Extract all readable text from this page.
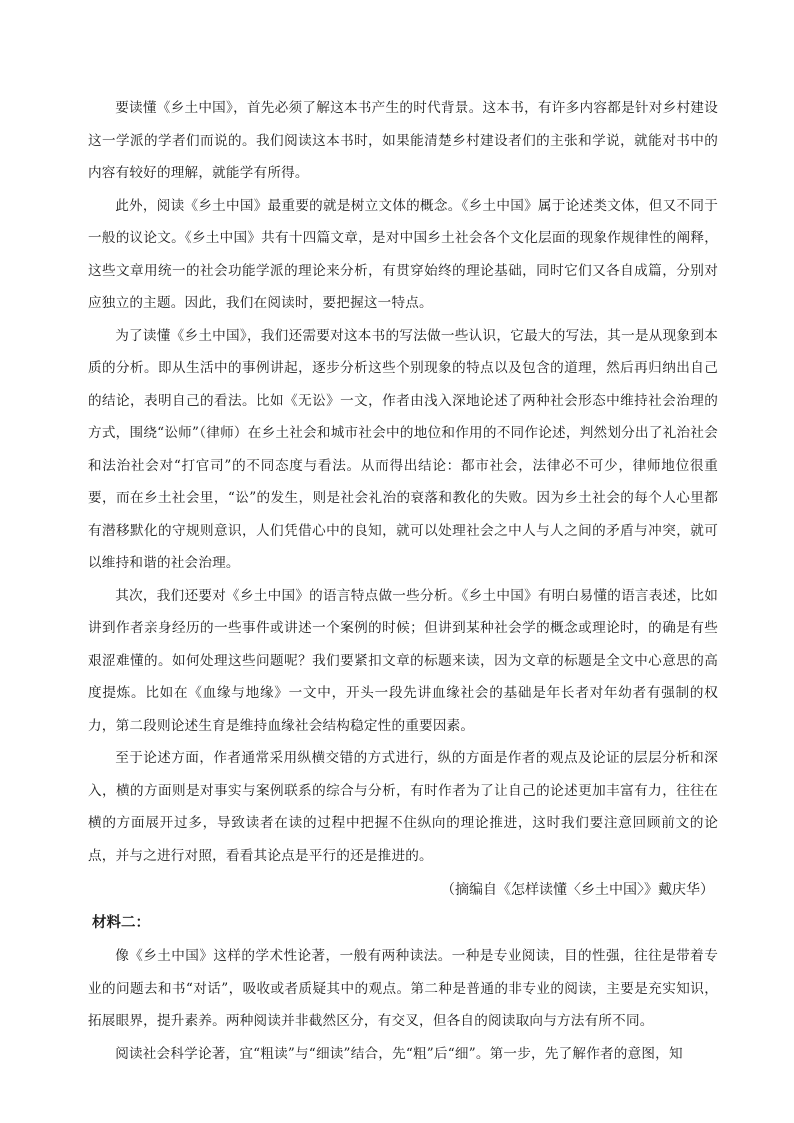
要读懂《乡土中国》，首先必须了解这本书产生的时代背景。这本书，有许多内容都是针对乡村建设这一学派的学者们而说的。我们阅读这本书时，如果能清楚乡村建设者们的主张和学说，就能对书中的内容有较好的理解，就能学有所得。

此外，阅读《乡土中国》最重要的就是树立文体的概念。《乡土中国》属于论述类文体，但又不同于一般的议论文。《乡土中国》共有十四篇文章，是对中国乡土社会各个文化层面的现象作规律性的阐释，这些文章用统一的社会功能学派的理论来分析，有贯穿始终的理论基础，同时它们又各自成篇，分别对应独立的主题。因此，我们在阅读时，要把握这一特点。

为了读懂《乡土中国》，我们还需要对这本书的写法做一些认识，它最大的写法，其一是从现象到本质的分析。即从生活中的事例讲起，逐步分析这些个别现象的特点以及包含的道理，然后再归纳出自己的结论，表明自己的看法。比如《无讼》一文，作者由浅入深地论述了两种社会形态中维持社会治理的方式，围绕“讼师”（律师）在乡土社会和城市社会中的地位和作用的不同作论述，判然划分出了礼治社会和法治社会对“打官司”的不同态度与看法。从而得出结论：都市社会，法律必不可少，律师地位很重要，而在乡土社会里，“讼”的发生，则是社会礼治的衰落和教化的失败。因为乡土社会的每个人心里都有潜移默化的守规则意识，人们凭借心中的良知，就可以处理社会之中人与人之间的矛盾与冲突，就可以维持和谐的社会治理。

其次，我们还要对《乡土中国》的语言特点做一些分析。《乡土中国》有明白易懂的语言表述，比如讲到作者亲身经历的一些事件或讲述一个案例的时候；但讲到某种社会学的概念或理论时，的确是有些艰涩难懂的。如何处理这些问题呢？我们要紧扣文章的标题来读，因为文章的标题是全文中心意思的高度提炼。比如在《血缘与地缘》一文中，开头一段先讲血缘社会的基础是年长者对年幼者有强制的权力，第二段则论述生育是维持血缘社会结构稳定性的重要因素。

至于论述方面，作者通常采用纵横交错的方式进行，纵的方面是作者的观点及论证的层层分析和深入，横的方面则是对事实与案例联系的综合与分析，有时作者为了让自己的论述更加丰富有力，往往在横的方面展开过多，导致读者在读的过程中把握不住纵向的理论推进，这时我们要注意回顾前文的论点，并与之进行对照，看看其论点是平行的还是推进的。

（摘编自《怎样读懂〈乡土中国〉》戴庆华）

材料二：

像《乡土中国》这样的学术性论著，一般有两种读法。一种是专业阅读，目的性强，往往是带着专业的问题去和书“对话”，吸收或者质疑其中的观点。第二种是普通的非专业的阅读，主要是充实知识，拓展眼界，提升素养。两种阅读并非截然区分，有交叉，但各自的阅读取向与方法有所不同。

阅读社会科学论著，宜“粗读”与“细读”结合，先“粗”后“细”。第一步，先了解作者的意图，知
